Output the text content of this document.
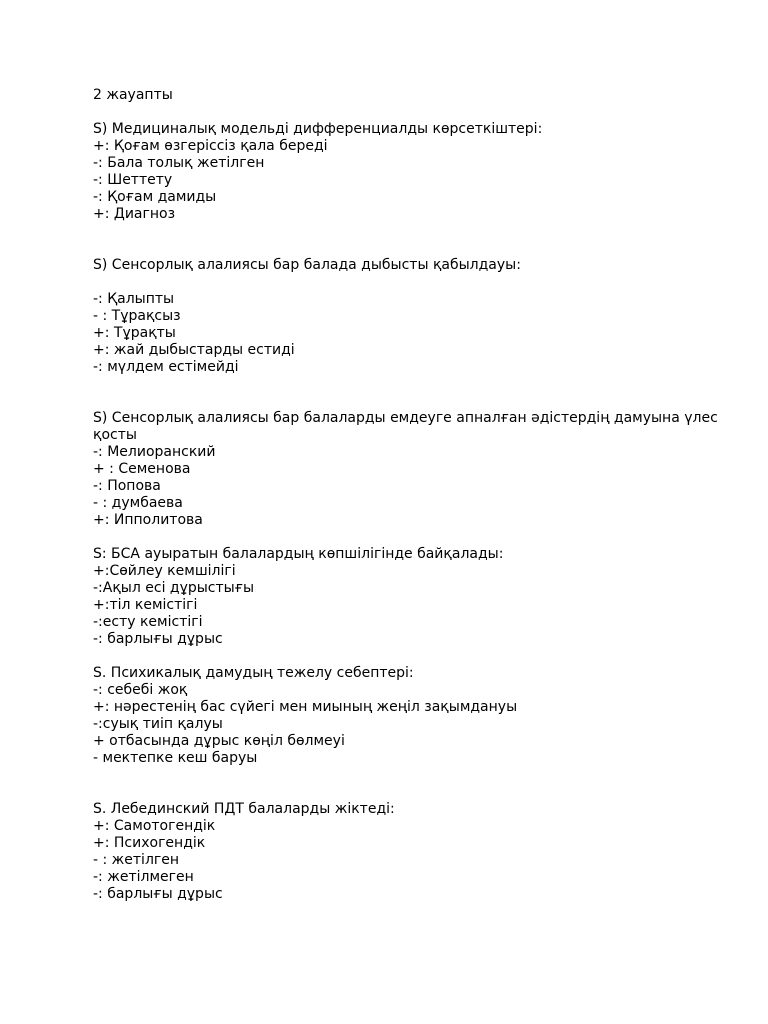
2 жауапты
S) Медициналық модельді дифференциалды көрсеткіштері:
+: Қоғам өзгеріссіз қала береді
-: Бала толық жетілген
-: Шеттету
-: Қоғам дамиды
+: Диагноз
S) Сенсорлық алалиясы бар балада дыбысты қабылдауы:
-: Қалыпты
- : Тұрақсыз
+: Тұрақты
+: жай дыбыстарды естиді
-: мүлдем естімейді
S) Сенсорлық алалиясы бар балаларды емдеуге апналған әдістердің дамуына үлес қосты
-: Мелиоранский
+ : Семенова
-: Попова
- : думбаева
+: Ипполитова
S: БСА ауыратын балалардың көпшілігінде байқалады:
+:Сөйлеу кемшілігі
-:Ақыл есі дұрыстығы
+:тіл кемістігі
-:есту кемістігі
-: барлығы дұрыс
S. Психикалық дамудың тежелу себептері:
-: себебі жоқ
+: нәрестенің бас сүйегі мен миының жеңіл зақымдануы
-:суық тиіп қалуы
+ отбасында дұрыс көңіл бөлмеуі
- мектепке кеш баруы
S. Лебединский ПДТ балаларды жіктеді:
+: Самотогендік
+: Психогендік
- : жетілген
-: жетілмеген
-: барлығы дұрыс
